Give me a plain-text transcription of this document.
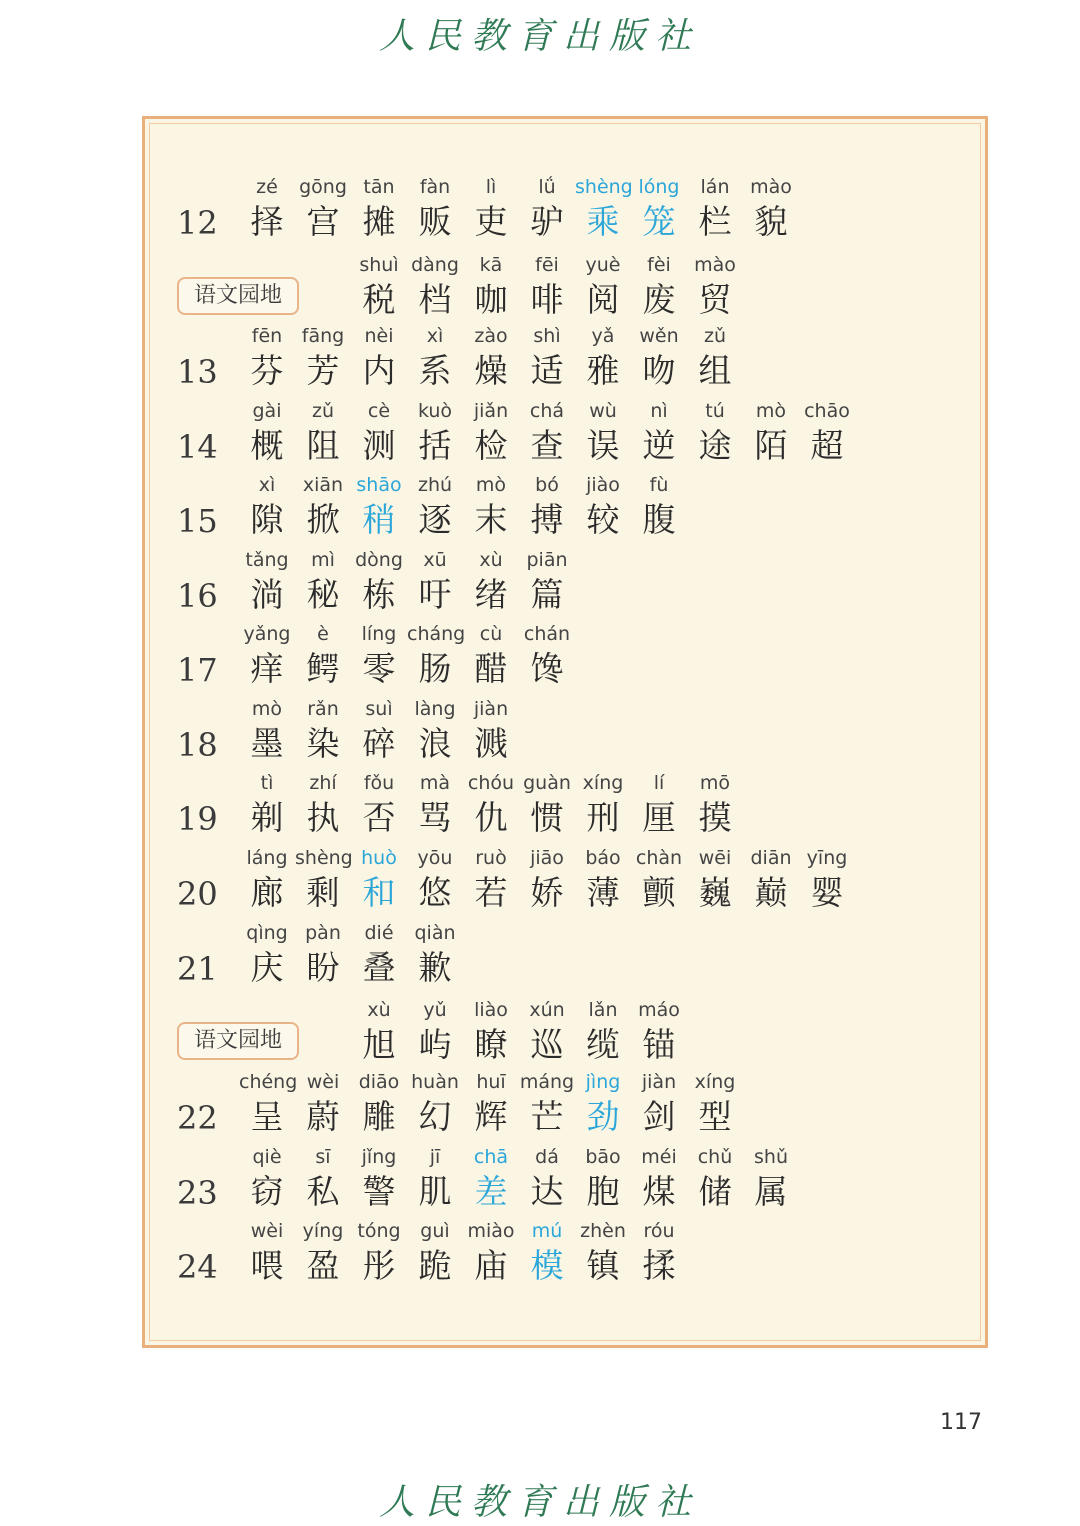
人民教育出版社
12
zé
择
gōng
宫
tān
摊
fàn
贩
lì
吏
lǘ
驴
shèng
乘
lóng
笼
lán
栏
mào
貌
语文园地
shuì
税
dàng
档
kā
咖
fēi
啡
yuè
阅
fèi
废
mào
贸
13
fēn
芬
fāng
芳
nèi
内
xì
系
zào
燥
shì
适
yǎ
雅
wěn
吻
zǔ
组
14
gài
概
zǔ
阻
cè
测
kuò
括
jiǎn
检
chá
查
wù
误
nì
逆
tú
途
mò
陌
chāo
超
15
xì
隙
xiān
掀
shāo
稍
zhú
逐
mò
末
bó
搏
jiào
较
fù
腹
16
tǎng
淌
mì
秘
dòng
栋
xū
吁
xù
绪
piān
篇
17
yǎng
痒
è
鳄
líng
零
cháng
肠
cù
醋
chán
馋
18
mò
墨
rǎn
染
suì
碎
làng
浪
jiàn
溅
19
tì
剃
zhí
执
fǒu
否
mà
骂
chóu
仇
guàn
惯
xíng
刑
lí
厘
mō
摸
20
láng
廊
shèng
剩
huò
和
yōu
悠
ruò
若
jiāo
娇
báo
薄
chàn
颤
wēi
巍
diān
巅
yīng
婴
21
qìng
庆
pàn
盼
dié
叠
qiàn
歉
语文园地
xù
旭
yǔ
屿
liào
瞭
xún
巡
lǎn
缆
máo
锚
22
chéng
呈
wèi
蔚
diāo
雕
huàn
幻
huī
辉
máng
芒
jìng
劲
jiàn
剑
xíng
型
23
qiè
窃
sī
私
jǐng
警
jī
肌
chā
差
dá
达
bāo
胞
méi
煤
chǔ
储
shǔ
属
24
wèi
喂
yíng
盈
tóng
彤
guì
跪
miào
庙
mú
模
zhèn
镇
róu
揉
117
人民教育出版社
